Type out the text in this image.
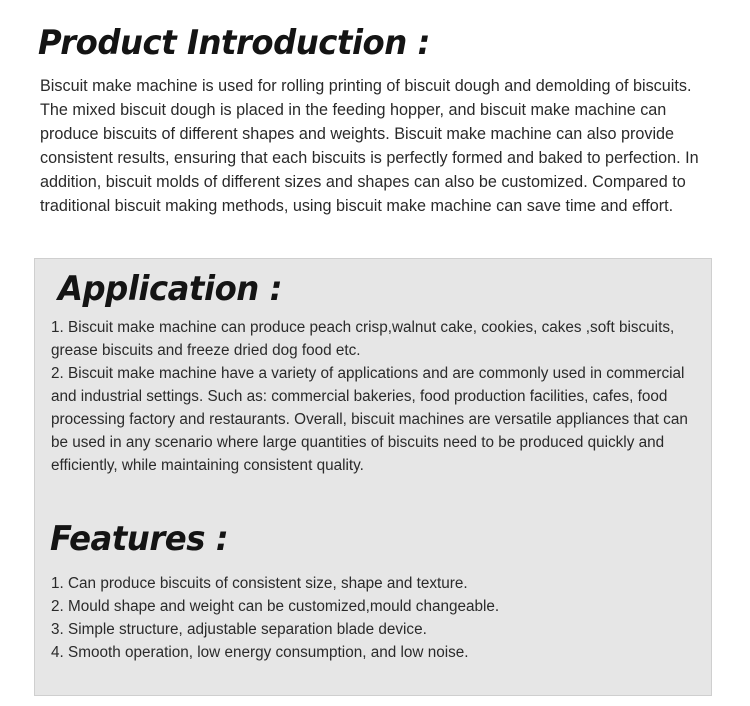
Product Introduction :

Biscuit make machine is used for rolling printing of biscuit dough and demolding of biscuits. The mixed biscuit dough is placed in the feeding hopper, and biscuit make machine can produce biscuits of different shapes and weights. Biscuit make machine can also provide consistent results, ensuring that each biscuits is perfectly formed and baked to perfection. In addition, biscuit molds of different sizes and shapes can also be customized. Compared to traditional biscuit making methods, using biscuit make machine can save time and effort.

Application :
1. Biscuit make machine can produce peach crisp,walnut cake, cookies, cakes ,soft biscuits, grease biscuits and freeze dried dog food etc.
2. Biscuit make machine have a variety of applications and are commonly used in commercial and industrial settings. Such as: commercial bakeries, food production facilities, cafes, food processing factory and restaurants. Overall, biscuit machines are versatile appliances that can be used in any scenario where large quantities of biscuits need to be produced quickly and efficiently, while maintaining consistent quality.
Features :
1. Can produce biscuits of consistent size, shape and texture.
2. Mould shape and weight can be customized,mould changeable.
3. Simple structure, adjustable separation blade device.
4. Smooth operation, low energy consumption, and low noise.
